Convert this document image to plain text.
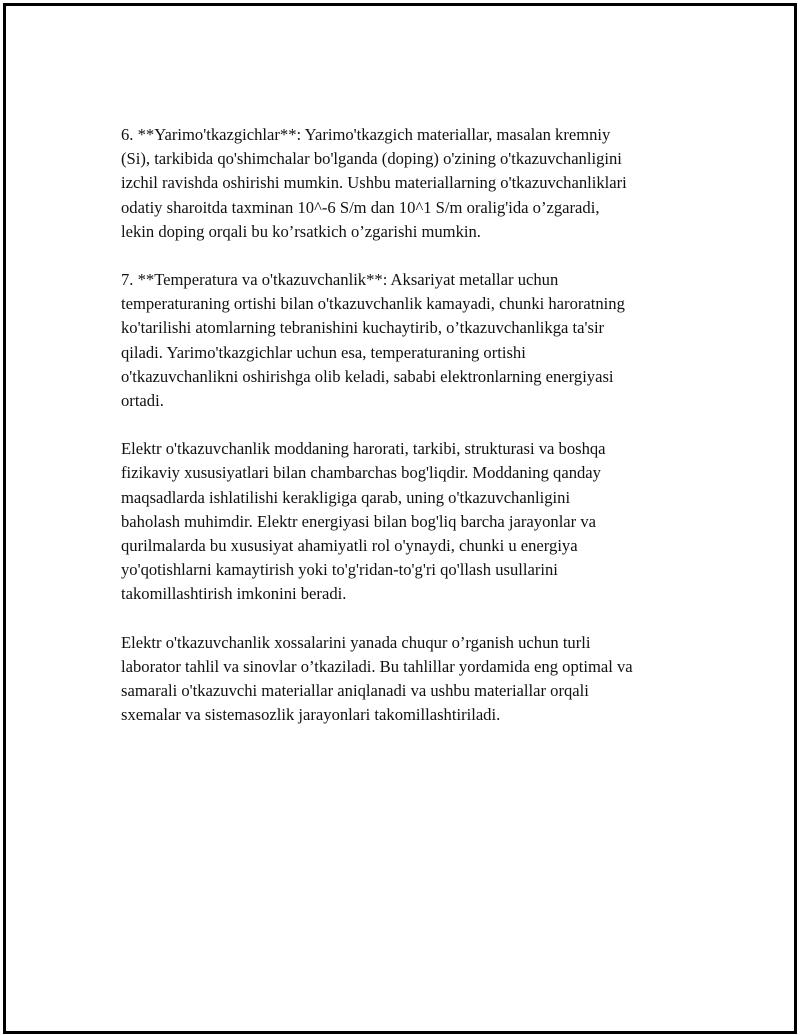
6. **Yarimo'tkazgichlar**: Yarimo'tkazgich materiallar, masalan kremniy
(Si), tarkibida qo'shimchalar bo'lganda (doping) o'zining o'tkazuvchanligini
izchil ravishda oshirishi mumkin. Ushbu materiallarning o'tkazuvchanliklari
odatiy sharoitda taxminan 10^-6 S/m dan 10^1 S/m oralig'ida o’zgaradi,
lekin doping orqali bu ko’rsatkich o’zgarishi mumkin.

7. **Temperatura va o'tkazuvchanlik**: Aksariyat metallar uchun
temperaturaning ortishi bilan o'tkazuvchanlik kamayadi, chunki haroratning
ko'tarilishi atomlarning tebranishini kuchaytirib, o’tkazuvchanlikga ta'sir
qiladi. Yarimo'tkazgichlar uchun esa, temperaturaning ortishi
o'tkazuvchanlikni oshirishga olib keladi, sababi elektronlarning energiyasi
ortadi.

Elektr o'tkazuvchanlik moddaning harorati, tarkibi, strukturasi va boshqa
fizikaviy xususiyatlari bilan chambarchas bog'liqdir. Moddaning qanday
maqsadlarda ishlatilishi kerakligiga qarab, uning o'tkazuvchanligini
baholash muhimdir. Elektr energiyasi bilan bog'liq barcha jarayonlar va
qurilmalarda bu xususiyat ahamiyatli rol o'ynaydi, chunki u energiya
yo'qotishlarni kamaytirish yoki to'g'ridan-to'g'ri qo'llash usullarini
takomillashtirish imkonini beradi.

Elektr o'tkazuvchanlik xossalarini yanada chuqur o’rganish uchun turli
laborator tahlil va sinovlar o’tkaziladi. Bu tahlillar yordamida eng optimal va
samarali o'tkazuvchi materiallar aniqlanadi va ushbu materiallar orqali
sxemalar va sistemasozlik jarayonlari takomillashtiriladi.
